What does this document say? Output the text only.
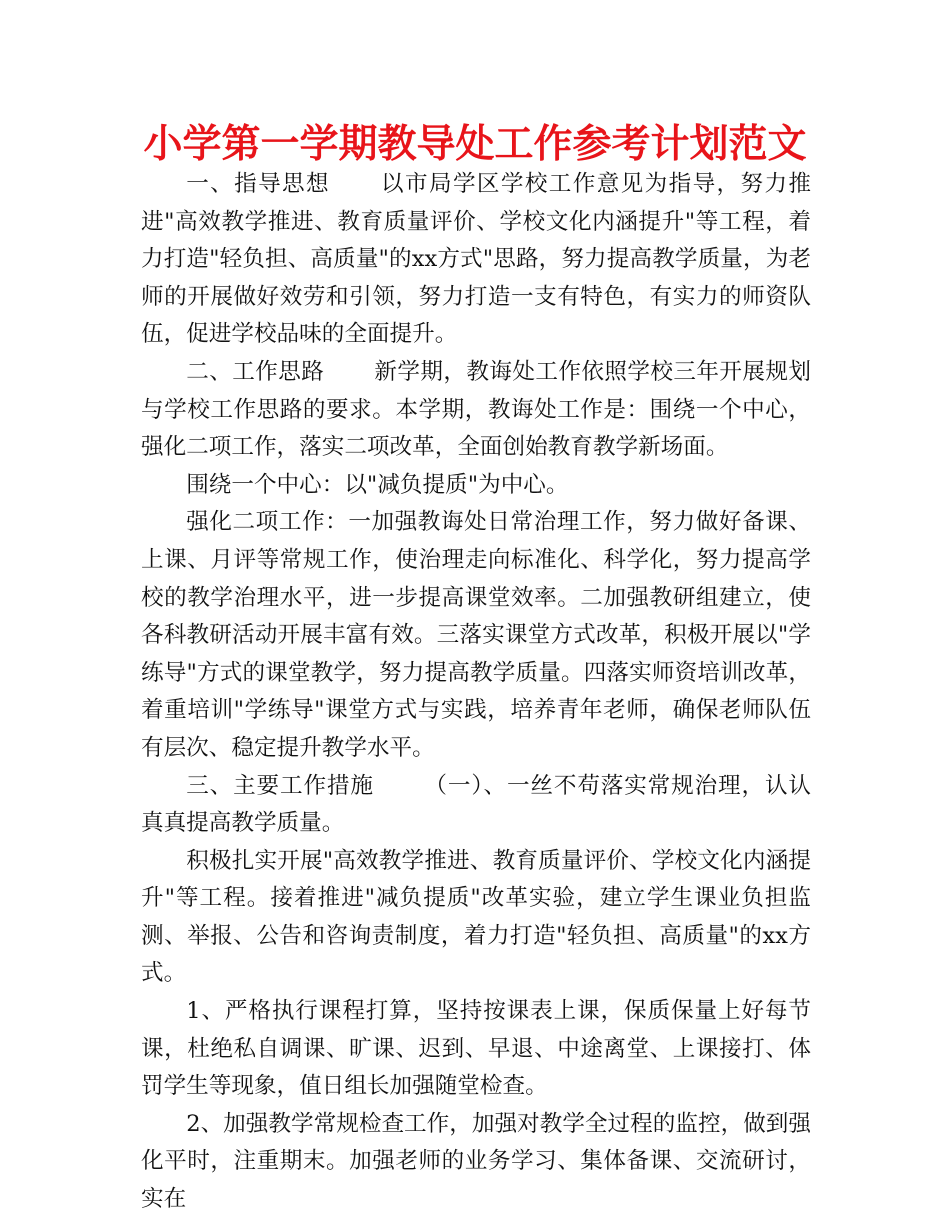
小学第一学期教导处工作参考计划范文

一、指导思想 以市局学区学校工作意见为指导，努力推进"高效教学推进、教育质量评价、学校文化内涵提升"等工程，着力打造"轻负担、高质量"的xx方式"思路，努力提高教学质量，为老师的开展做好效劳和引领，努力打造一支有特色，有实力的师资队伍，促进学校品味的全面提升。

二、工作思路 新学期，教诲处工作依照学校三年开展规划与学校工作思路的要求。本学期，教诲处工作是：围绕一个中心，强化二项工作，落实二项改革，全面创始教育教学新场面。

围绕一个中心：以"减负提质"为中心。

强化二项工作：一加强教诲处日常治理工作，努力做好备课、上课、月评等常规工作，使治理走向标准化、科学化，努力提高学校的教学治理水平，进一步提高课堂效率。二加强教研组建立，使各科教研活动开展丰富有效。三落实课堂方式改革，积极开展以"学练导"方式的课堂教学，努力提高教学质量。四落实师资培训改革，着重培训"学练导"课堂方式与实践，培养青年老师，确保老师队伍有层次、稳定提升教学水平。

三、主要工作措施 （一）、一丝不苟落实常规治理，认认真真提高教学质量。

积极扎实开展"高效教学推进、教育质量评价、学校文化内涵提升"等工程。接着推进"减负提质"改革实验，建立学生课业负担监测、举报、公告和咨询责制度，着力打造"轻负担、高质量"的xx方式。

1、严格执行课程打算，坚持按课表上课，保质保量上好每节课，杜绝私自调课、旷课、迟到、早退、中途离堂、上课接打、体罚学生等现象，值日组长加强随堂检查。

2、加强教学常规检查工作，加强对教学全过程的监控，做到强化平时，注重期末。加强老师的业务学习、集体备课、交流研讨，实在
